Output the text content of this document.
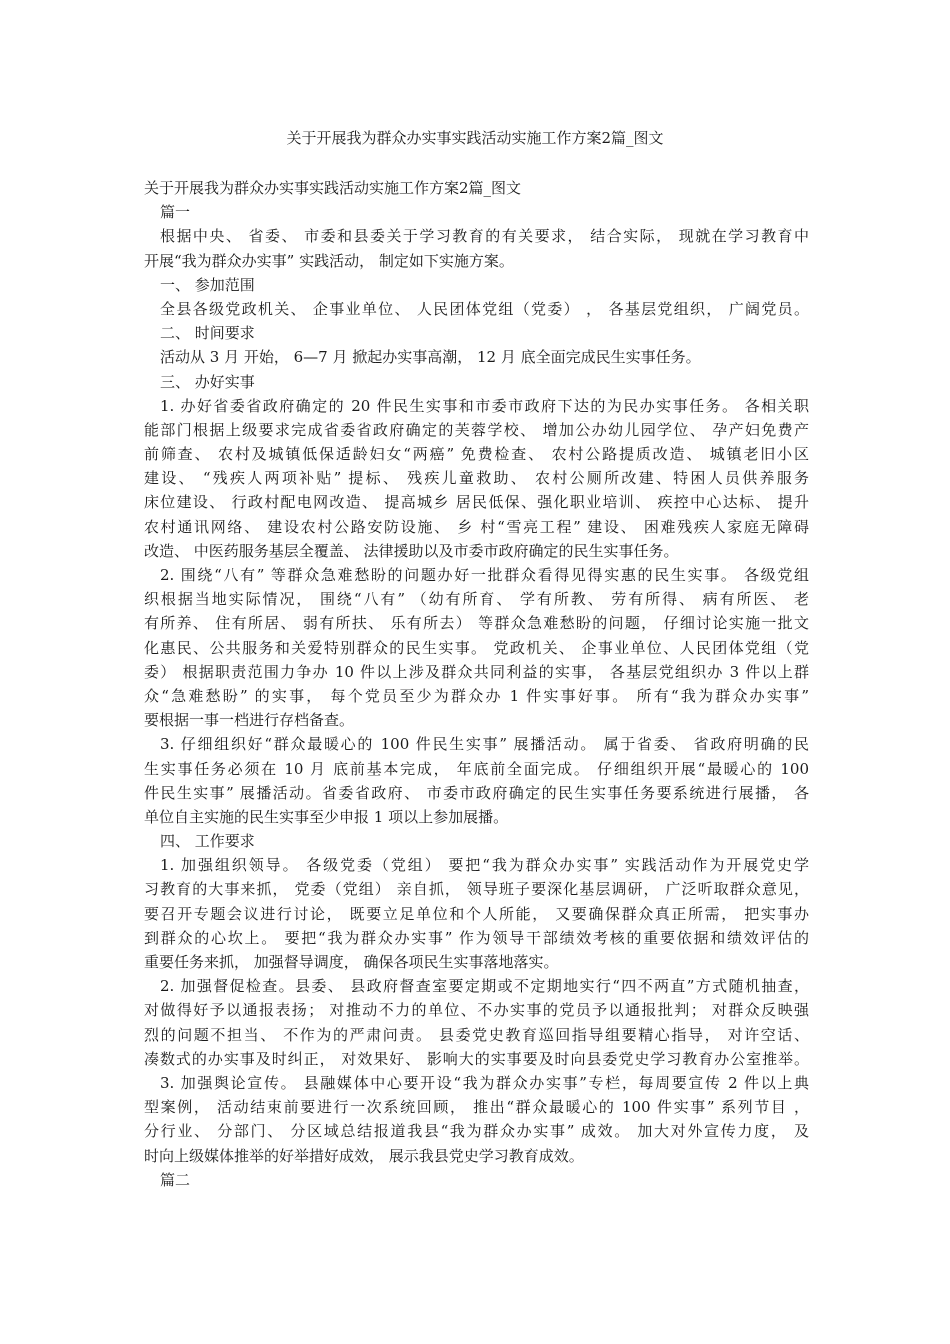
关于开展我为群众办实事实践活动实施工作方案2篇_图文
关于开展我为群众办实事实践活动实施工作方案2篇_图文
篇一
根据中央、 省委、 市委和县委关于学习教育的有关要求， 结合实际， 现就在学习教育中
开展“我为群众办实事” 实践活动， 制定如下实施方案。
一、 参加范围
全县各级党政机关、 企事业单位、 人民团体党组（党委） ， 各基层党组织， 广阔党员。
二、 时间要求
活动从 3 月 开始， 6—7 月 掀起办实事高潮， 12 月 底全面完成民生实事任务。
三、 办好实事
1. 办好省委省政府确定的 20 件民生实事和市委市政府下达的为民办实事任务。 各相关职
能部门根据上级要求完成省委省政府确定的芙蓉学校、 增加公办幼儿园学位、 孕产妇免费产
前筛查、 农村及城镇低保适龄妇女“两癌” 免费检查、 农村公路提质改造、 城镇老旧小区
建设、 “残疾人两项补贴” 提标、 残疾儿童救助、 农村公厕所改建、特困人员供养服务
床位建设、 行政村配电网改造、 提高城乡 居民低保、强化职业培训、 疾控中心达标、 提升
农村通讯网络、 建设农村公路安防设施、 乡 村“雪亮工程” 建设、 困难残疾人家庭无障碍
改造、 中医药服务基层全覆盖、 法律援助以及市委市政府确定的民生实事任务。
2. 围绕“八有” 等群众急难愁盼的问题办好一批群众看得见得实惠的民生实事。 各级党组
织根据当地实际情况， 围绕“八有” （幼有所育、 学有所教、 劳有所得、 病有所医、 老
有所养、 住有所居、 弱有所扶、 乐有所去） 等群众急难愁盼的问题， 仔细讨论实施一批文
化惠民、公共服务和关爱特别群众的民生实事。 党政机关、 企事业单位、人民团体党组（党
委） 根据职责范围力争办 10 件以上涉及群众共同利益的实事， 各基层党组织办 3 件以上群
众“急难愁盼” 的实事， 每个党员至少为群众办 1 件实事好事。 所有“我为群众办实事”
要根据一事一档进行存档备查。
3. 仔细组织好“群众最暖心的 100 件民生实事” 展播活动。 属于省委、 省政府明确的民
生实事任务必须在 10 月 底前基本完成， 年底前全面完成。 仔细组织开展“最暖心的 100
件民生实事” 展播活动。省委省政府、 市委市政府确定的民生实事任务要系统进行展播， 各
单位自主实施的民生实事至少申报 1 项以上参加展播。
四、 工作要求
1. 加强组织领导。 各级党委（党组） 要把“我为群众办实事” 实践活动作为开展党史学
习教育的大事来抓， 党委（党组） 亲自抓， 领导班子要深化基层调研， 广泛听取群众意见，
要召开专题会议进行讨论， 既要立足单位和个人所能， 又要确保群众真正所需， 把实事办
到群众的心坎上。 要把“我为群众办实事” 作为领导干部绩效考核的重要依据和绩效评估的
重要任务来抓， 加强督导调度， 确保各项民生实事落地落实。
2. 加强督促检查。县委、 县政府督查室要定期或不定期地实行“四不两直”方式随机抽查，
对做得好予以通报表扬； 对推动不力的单位、不办实事的党员予以通报批判； 对群众反映强
烈的问题不担当、 不作为的严肃问责。 县委党史教育巡回指导组要精心指导， 对许空话、
凑数式的办实事及时纠正， 对效果好、 影响大的实事要及时向县委党史学习教育办公室推举。
3. 加强舆论宣传。 县融媒体中心要开设“我为群众办实事”专栏，每周要宣传 2 件以上典
型案例， 活动结束前要进行一次系统回顾， 推出“群众最暖心的 100 件实事” 系列节目 ，
分行业、 分部门、 分区域总结报道我县“我为群众办实事” 成效。 加大对外宣传力度， 及
时向上级媒体推举的好举措好成效， 展示我县党史学习教育成效。
篇二
